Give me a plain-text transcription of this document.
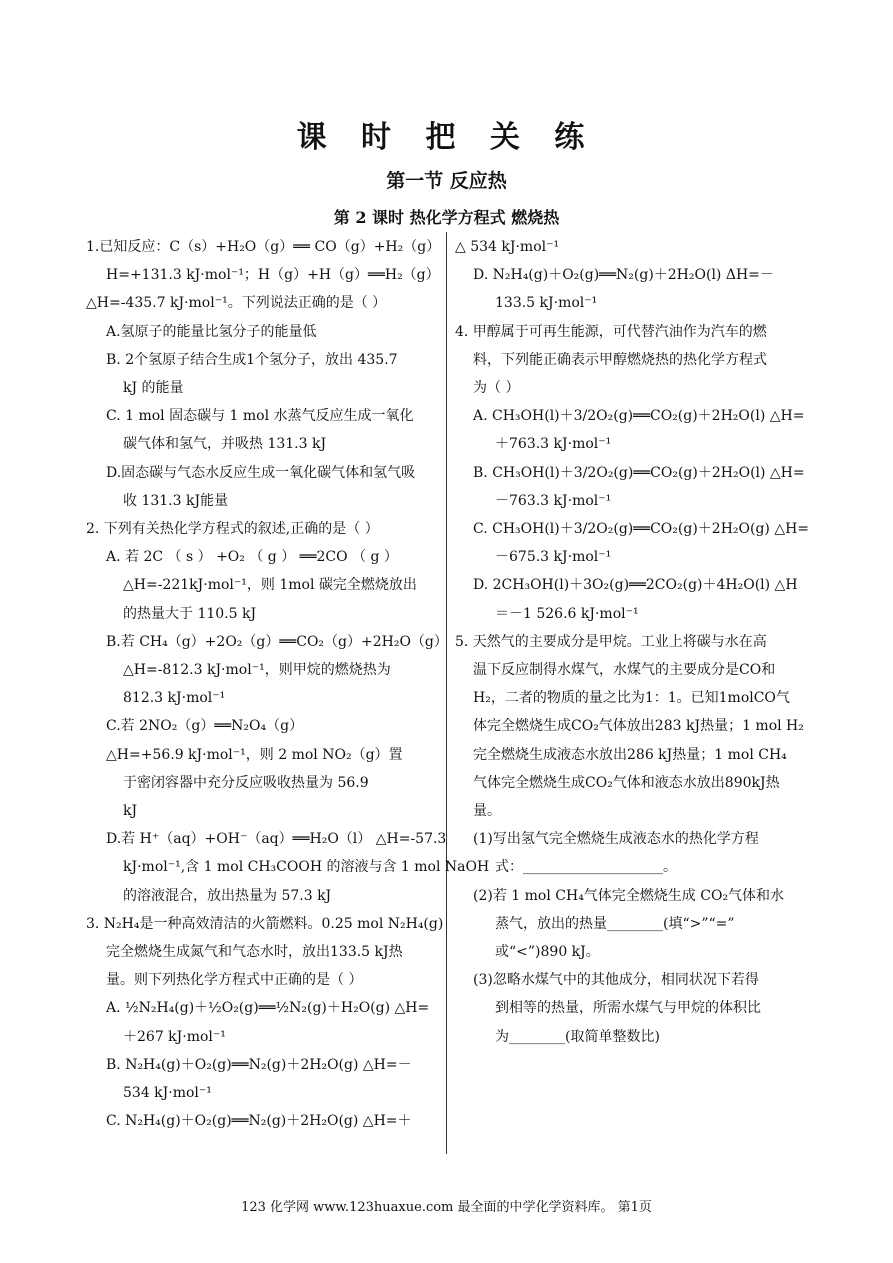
课 时 把 关 练
第一节 反应热
第 2 课时 热化学方程式 燃烧热
1.已知反应：C（s）+H₂O（g）══ CO（g）+H₂（g）
H=+131.3 kJ·mol⁻¹；H（g）+H（g）══H₂（g）
△H=-435.7 kJ·mol⁻¹。下列说法正确的是（ ）
A.氢原子的能量比氢分子的能量低
B. 2个氢原子结合生成1个氢分子，放出 435.7
kJ 的能量
C. 1 mol 固态碳与 1 mol 水蒸气反应生成一氧化
碳气体和氢气，并吸热 131.3 kJ
D.固态碳与气态水反应生成一氧化碳气体和氢气吸
收 131.3 kJ能量
2. 下列有关热化学方程式的叙述,正确的是（ ）
A. 若 2C （ s ） +O₂ （ g ） ══2CO （ g ）
△H=-221kJ·mol⁻¹，则 1mol 碳完全燃烧放出
的热量大于 110.5 kJ
B.若 CH₄（g）+2O₂（g）══CO₂（g）+2H₂O（g）
△H=-812.3 kJ·mol⁻¹，则甲烷的燃烧热为
812.3 kJ·mol⁻¹
C.若 2NO₂（g）══N₂O₄（g）
△H=+56.9 kJ·mol⁻¹，则 2 mol NO₂（g）置
于密闭容器中充分反应吸收热量为 56.9
kJ
D.若 H⁺（aq）+OH⁻（aq）══H₂O（l） △H=-57.3
kJ·mol⁻¹,含 1 mol CH₃COOH 的溶液与含 1 mol NaOH
的溶液混合，放出热量为 57.3 kJ
3. N₂H₄是一种高效清洁的火箭燃料。0.25 mol N₂H₄(g)
完全燃烧生成氮气和气态水时，放出133.5 kJ热
量。则下列热化学方程式中正确的是（ ）
A. ½N₂H₄(g)＋½O₂(g)══½N₂(g)＋H₂O(g) △H=
＋267 kJ·mol⁻¹
B. N₂H₄(g)＋O₂(g)══N₂(g)＋2H₂O(g) △H=－
534 kJ·mol⁻¹
C. N₂H₄(g)＋O₂(g)══N₂(g)＋2H₂O(g) △H=＋
△ 534 kJ·mol⁻¹
D. N₂H₄(g)＋O₂(g)══N₂(g)＋2H₂O(l) ΔH=－
133.5 kJ·mol⁻¹
4. 甲醇属于可再生能源，可代替汽油作为汽车的燃
料，下列能正确表示甲醇燃烧热的热化学方程式
为（ ）
A. CH₃OH(l)＋3/2O₂(g)══CO₂(g)＋2H₂O(l) △H=
＋763.3 kJ·mol⁻¹
B. CH₃OH(l)＋3/2O₂(g)══CO₂(g)＋2H₂O(l) △H=
－763.3 kJ·mol⁻¹
C. CH₃OH(l)＋3/2O₂(g)══CO₂(g)＋2H₂O(g) △H=
－675.3 kJ·mol⁻¹
D. 2CH₃OH(l)＋3O₂(g)══2CO₂(g)＋4H₂O(l) △H
＝－1 526.6 kJ·mol⁻¹
5. 天然气的主要成分是甲烷。工业上将碳与水在高
温下反应制得水煤气，水煤气的主要成分是CO和
H₂，二者的物质的量之比为1：1。已知1molCO气
体完全燃烧生成CO₂气体放出283 kJ热量；1 mol H₂
完全燃烧生成液态水放出286 kJ热量；1 mol CH₄
气体完全燃烧生成CO₂气体和液态水放出890kJ热
量。
(1)写出氢气完全燃烧生成液态水的热化学方程
式：____________________。
(2)若 1 mol CH₄气体完全燃烧生成 CO₂气体和水
蒸气，放出的热量________(填“>”“=”
或“<”)890 kJ。
(3)忽略水煤气中的其他成分，相同状况下若得
到相等的热量，所需水煤气与甲烷的体积比
为________(取简单整数比)
123 化学网 www.123huaxue.com 最全面的中学化学资料库。 第1页
